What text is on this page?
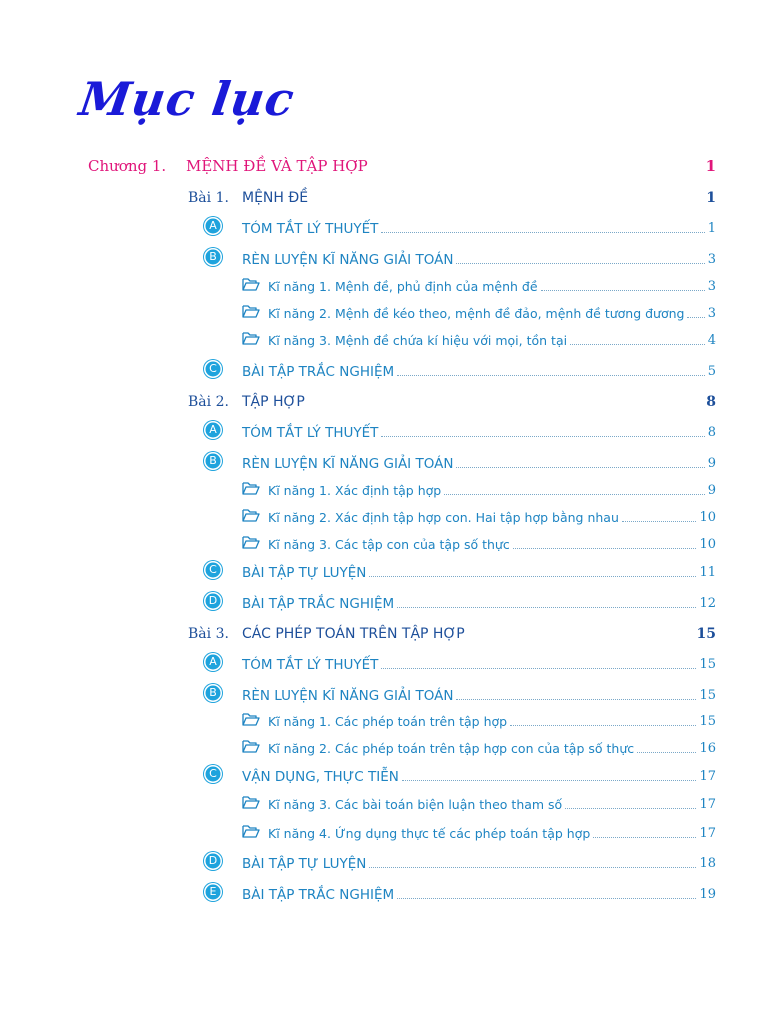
Mục lục
Chương 1.	MỆNH ĐỀ VÀ TẬP HỢP	1
Bài 1. MỆNH ĐỀ	1
A	TÓM TẮT LÝ THUYẾT	1
B	RÈN LUYỆN KĨ NĂNG GIẢI TOÁN	3
Kĩ năng 1. Mệnh đề, phủ định của mệnh đề	3
Kĩ năng 2. Mệnh đề kéo theo, mệnh đề đảo, mệnh đề tương đương 3
Kĩ năng 3. Mệnh đề chứa kí hiệu với mọi, tồn tại	4
C	BÀI TẬP TRẮC NGHIỆM	5
Bài 2. TẬP HỢP	8
A	TÓM TẮT LÝ THUYẾT	8
B	RÈN LUYỆN KĨ NĂNG GIẢI TOÁN	9
Kĩ năng 1. Xác định tập hợp	9
Kĩ năng 2. Xác định tập hợp con. Hai tập hợp bằng nhau	10
Kĩ năng 3. Các tập con của tập số thực	10
C	BÀI TẬP TỰ LUYỆN	11
D	BÀI TẬP TRẮC NGHIỆM	12
Bài 3. CÁC PHÉP TOÁN TRÊN TẬP HỢP	15
A	TÓM TẮT LÝ THUYẾT	15
B	RÈN LUYỆN KĨ NĂNG GIẢI TOÁN	15
Kĩ năng 1. Các phép toán trên tập hợp	15
Kĩ năng 2. Các phép toán trên tập hợp con của tập số thực	16
C	VẬN DỤNG, THỰC TIỄN	17
Kĩ năng 3. Các bài toán biện luận theo tham số	17
Kĩ năng 4. Ứng dụng thực tế các phép toán tập hợp	17
D	BÀI TẬP TỰ LUYỆN	18
E	BÀI TẬP TRẮC NGHIỆM	19
